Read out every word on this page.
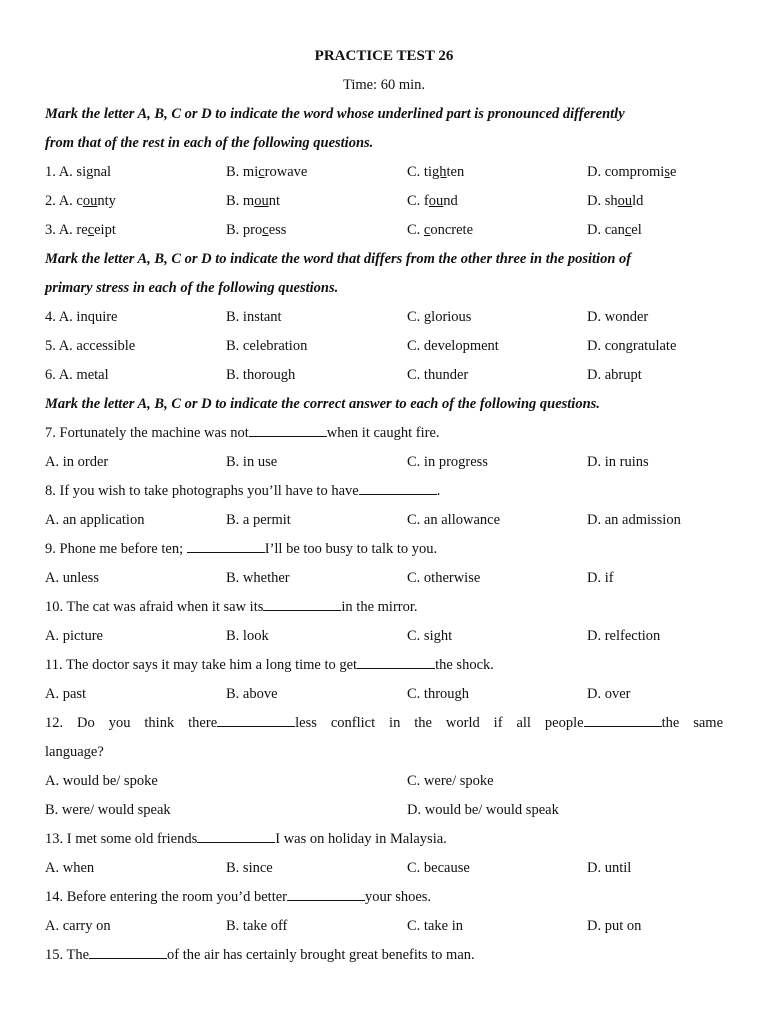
PRACTICE TEST 26
Time: 60 min.
Mark the letter A, B, C or D to indicate the word whose underlined part is pronounced differently
from that of the rest in each of the following questions.
1. A. signal	B. microwave	C. tighten	D. compromise
2. A. county	B. mount	C. found	D. should
3. A. receipt	B. process	C. concrete	D. cancel
Mark the letter A, B, C or D to indicate the word that differs from the other three in the position of
primary stress in each of the following questions.
4. A. inquire	B. instant	C. glorious	D. wonder
5. A. accessible	B. celebration	C. development	D. congratulate
6. A. metal	B. thorough	C. thunder	D. abrupt
Mark the letter A, B, C or D to indicate the correct answer to each of the following questions.
7. Fortunately the machine was not	when it caught fire.
A. in order	B. in use	C. in progress	D. in ruins
8. If you wish to take photographs you’ll have to have	.
A. an application	B. a permit	C. an allowance	D. an admission
9. Phone me before ten;	I’ll be too busy to talk to you.
A. unless	B. whether	C. otherwise	D. if
10. The cat was afraid when it saw its	in the mirror.
A. picture	B. look	C. sight	D. relfection
11. The doctor says it may take him a long time to get	the shock.
A. past	B. above	C. through	D. over
12. Do you think there	less conflict in the world if all people	the same
language?
A. would be/ spoke	C. were/ spoke
B. were/ would speak	D. would be/ would speak
13. I met some old friends	I was on holiday in Malaysia.
A. when	B. since	C. because	D. until
14. Before entering the room you’d better	your shoes.
A. carry on	B. take off	C. take in	D. put on
15. The	of the air has certainly brought great benefits to man.
